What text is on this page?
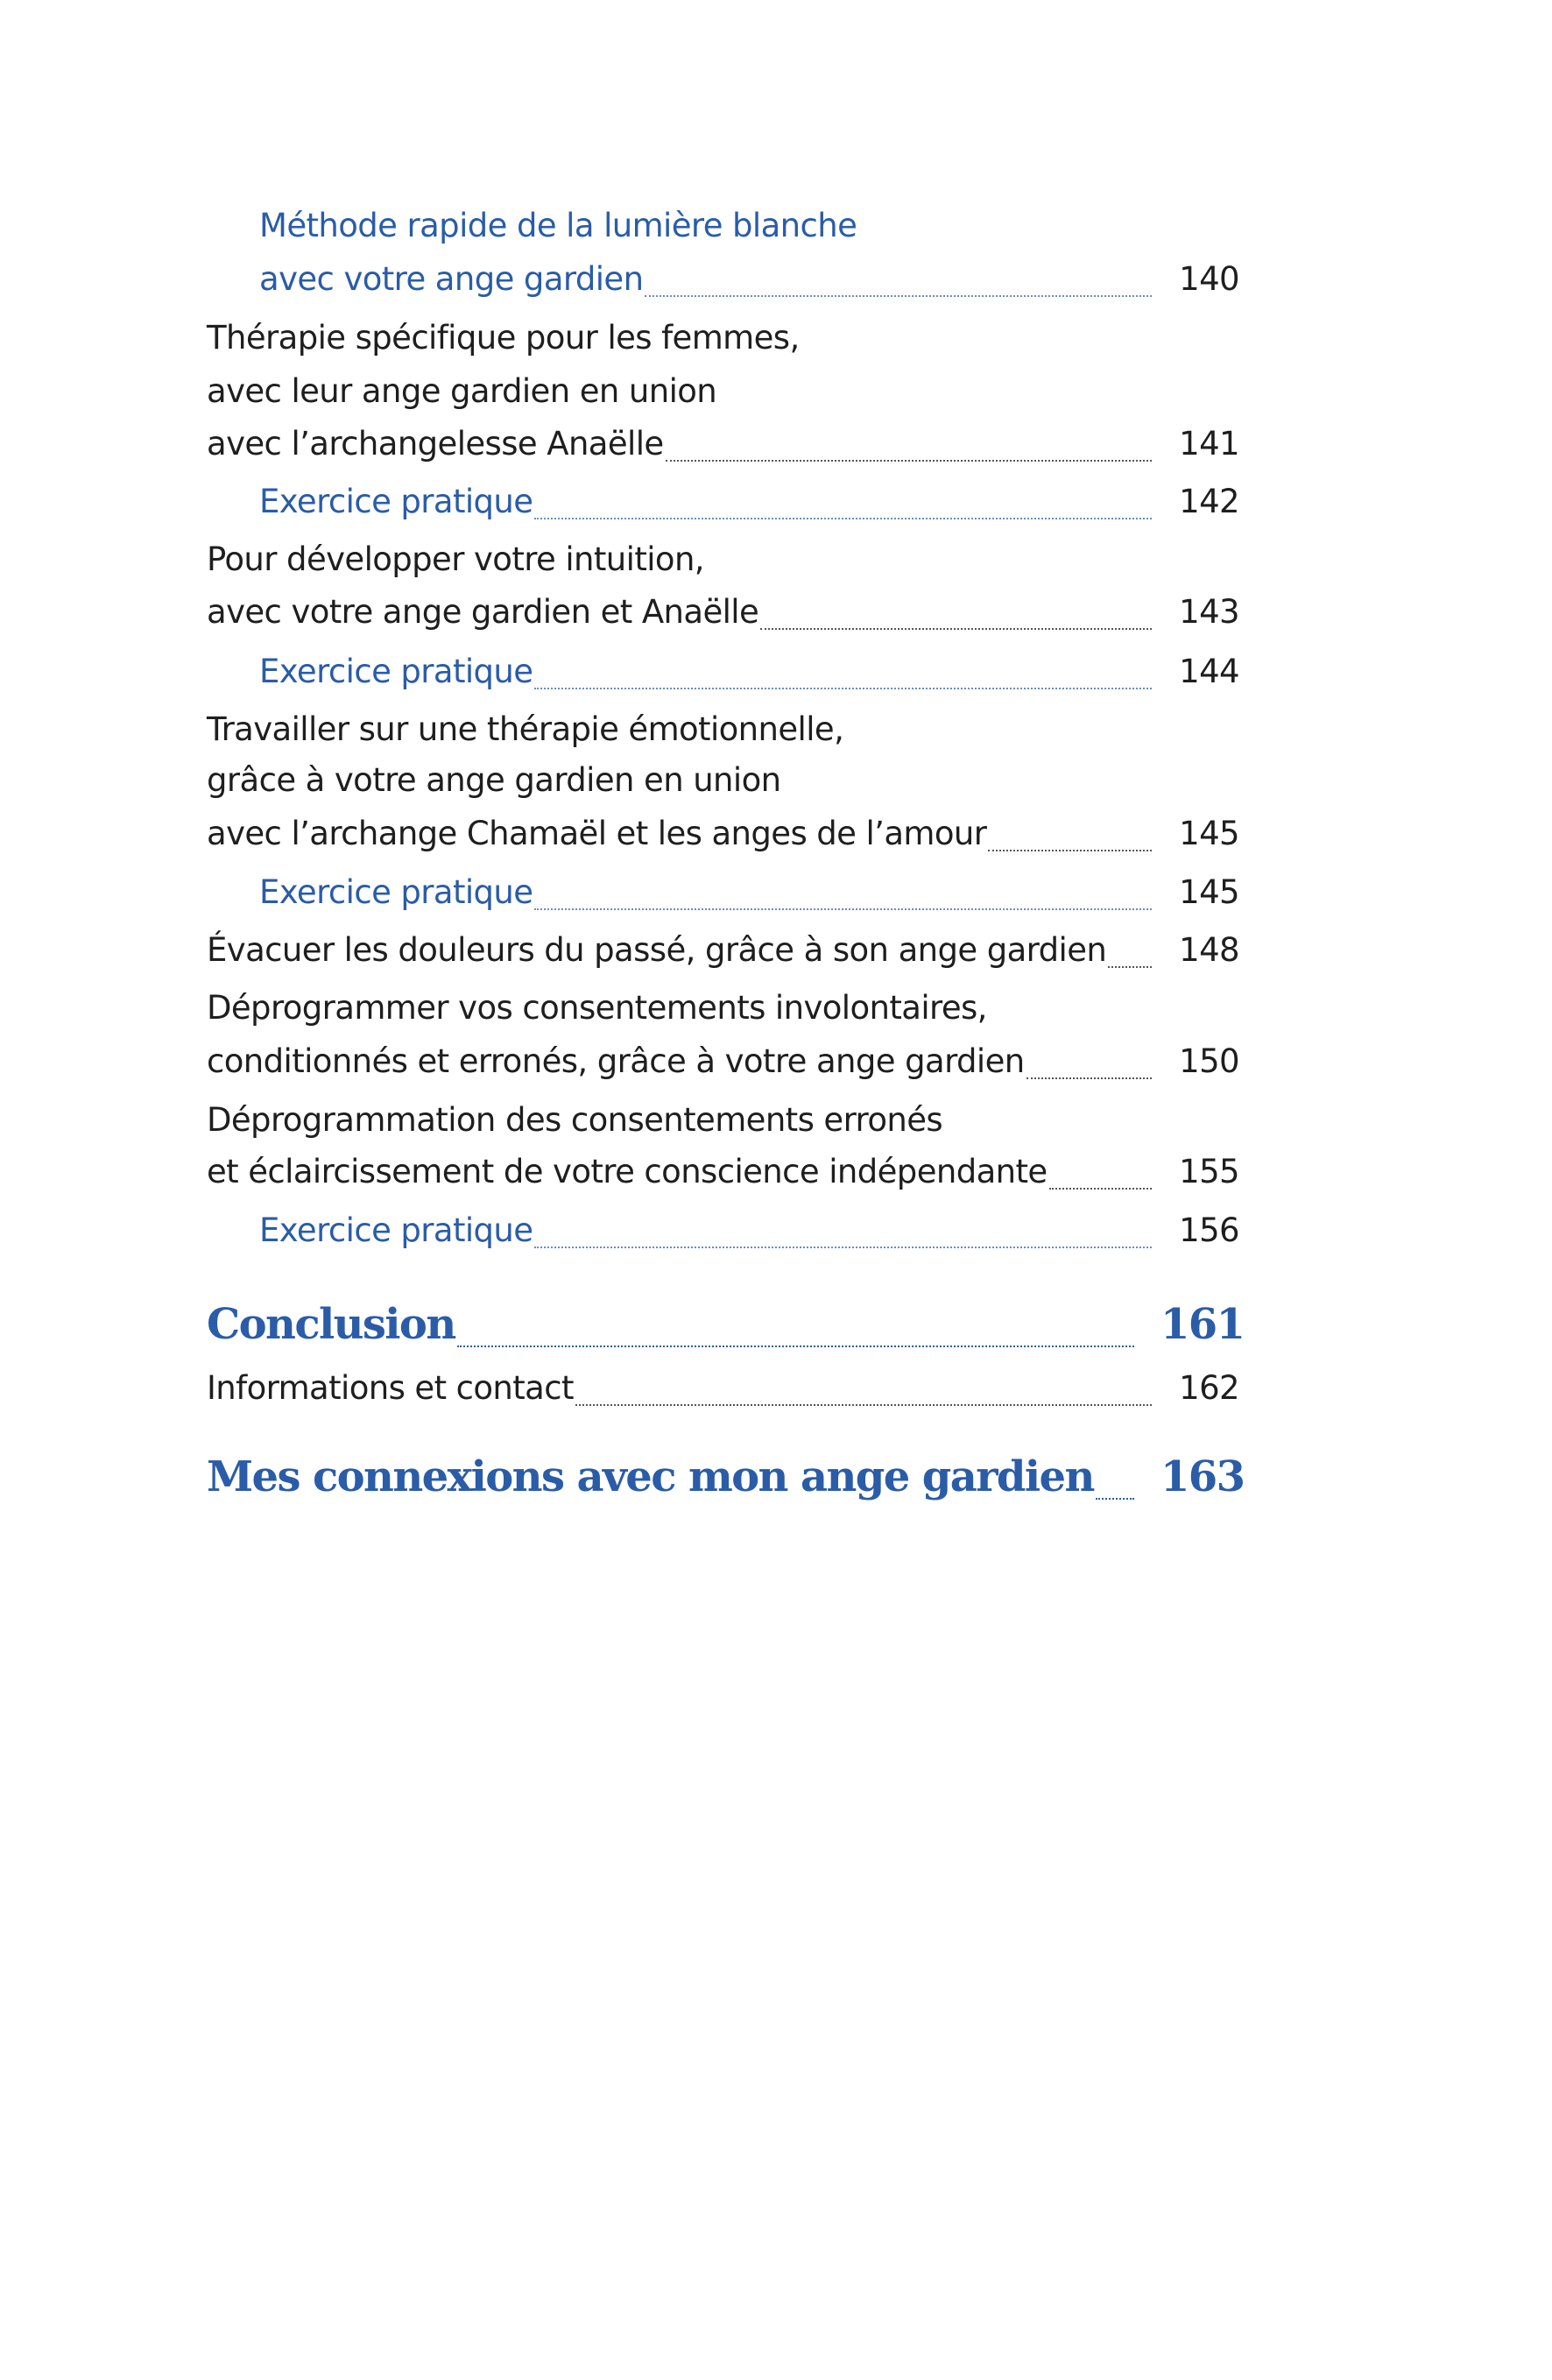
Méthode rapide de la lumière blanche
avec votre ange gardien	140
Thérapie spécifique pour les femmes,
avec leur ange gardien en union
avec l’archangelesse Anaëlle	141
Exercice pratique	142
Pour développer votre intuition,
avec votre ange gardien et Anaëlle	143
Exercice pratique	144
Travailler sur une thérapie émotionnelle,
grâce à votre ange gardien en union
avec l’archange Chamaël et les anges de l’amour	145
Exercice pratique	145
Évacuer les douleurs du passé, grâce à son ange gardien 148
Déprogrammer vos consentements involontaires,
conditionnés et erronés, grâce à votre ange gardien	150
Déprogrammation des consentements erronés
et éclaircissement de votre conscience indépendante	155
Exercice pratique	156
Conclusion	161
Informations et contact	162
Mes connexions avec mon ange gardien 163
